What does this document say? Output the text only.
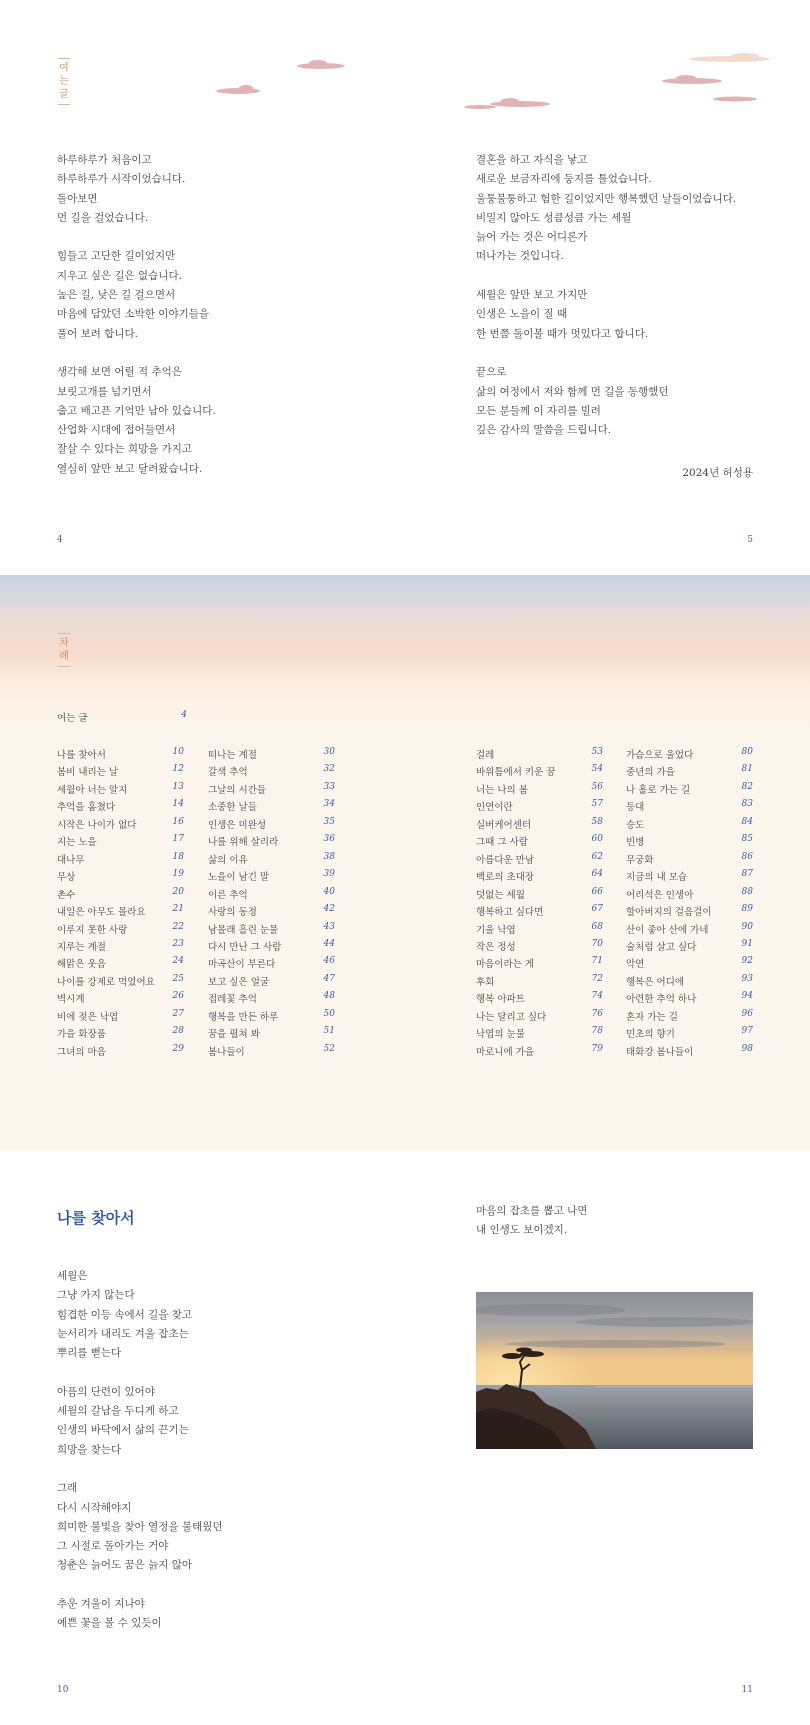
여
는
글

하루하루가 처음이고
하루하루가 시작이었습니다.
돌아보면
먼 길을 걸었습니다.

힘들고 고단한 길이었지만
지우고 싶은 길은 없습니다.
높은 길, 낮은 길 걸으면서
마음에 담았던 소박한 이야기들을
풀어 보려 합니다.

생각해 보면 어릴 적 추억은
보릿고개를 넘기면서
춥고 배고픈 기억만 남아 있습니다.
산업화 시대에 접어들면서
잘살 수 있다는 희망을 가지고
열심히 앞만 보고 달려왔습니다.

결혼을 하고 자식을 낳고
새로운 보금자리에 둥지를 틀었습니다.
울퉁불퉁하고 험한 길이었지만 행복했던 날들이었습니다.
비밀지 않아도 성큼성큼 가는 세월
늙어 가는 것은 어디론가
떠나가는 것입니다.

세월은 앞만 보고 가지만
인생은 노을이 질 때
한 번쯤 돌이볼 때가 멋있다고 합니다.

끝으로
삶의 여정에서 저와 함께 먼 길을 동행했던
모든 분들께 이 자리를 빌려
깊은 감사의 말씀을 드립니다.

2024년 허성용
4	5
차
례
여는 글	4
나를 찾아서	10
봄비 내리는 날	12
세월아 너는 알지	13
추억을 훔쳤다	14
시작은 나이가 없다	16
지는 노을	17
대나무	18
무상	19
촌수	20
내일은 아무도 몰라요	21
이루지 못한 사랑	22
지루는 계절	23
해맑은 웃음	24
나이를 강제로 먹었어요	25
벽시계	26
비에 젖은 낙엽	27
가을 화장품	28
그녀의 마음	29
떠나는 계절	30
갈색 추억	32
그날의 시간들	33
소중한 날들	34
인생은 미완성	35
나를 위해 살리라	36
삶의 이유	38
노을이 남긴 말	39
이른 추억	40
사랑의 동정	42
남몰래 흘린 눈물	43
다시 만난 그 사람	44
마곡산이 부른다	46
보고 싶은 얼굴	47
접레꽃 추억	48
행복을 만든 하루	50
꿈을 펼쳐 봐	51
봄나들이	52
걸레	53
바위틈에서 키운 꿈	54
너는 나의 봄	56
인연이란	57
실버케어센터	58
그때 그 사람	60
아름다운 만남	62
백로의 초대장	64
덧없는 세월	66
행복하고 싶다면	67
기울 낙엽	68
작은 정성	70
마음이라는 게	71
후회	72
행복 아파트	74
나는 달리고 싶다	76
낙엽의 눈물	78
마로니에 가을	79
가슴으로 울었다	80
중년의 가을	81
나 홀로 가는 길	82
등대	83
승도	84
빈병	85
무궁화	86
지금의 내 모습	87
어리석은 인생아	88
할아버지의 걸음걸이	89
산이 좋아 산에 가네	90
술처럼 살고 싶다	91
악연	92
행복은 어디에	93
아련한 추억 하나	94
혼자 가는 길	96
민초의 향기	97
태화강 봄나들이	98
나를 찾아서

세월은
그냥 가지 않는다
힘겹한 이등 속에서 길을 찾고
눈서리가 내리도 겨울 잡초는
뿌리를 뻗는다

아픔의 단련이 있어야
세월의 갈남을 두디게 하고
인생의 바닥에서 삶의 끈기는
희망을 찾는다

그래
다시 시작해야지
희미한 불빛을 찾아 열정을 불태웠던
그 시절로 돌아가는 거야
청춘은 늙어도 꿈은 늙지 않아

추운 겨울이 지나야
예쁜 꽃을 볼 수 있듯이

마음의 잡초를 뽑고 나면
내 인생도 보이겠지.

10	11
